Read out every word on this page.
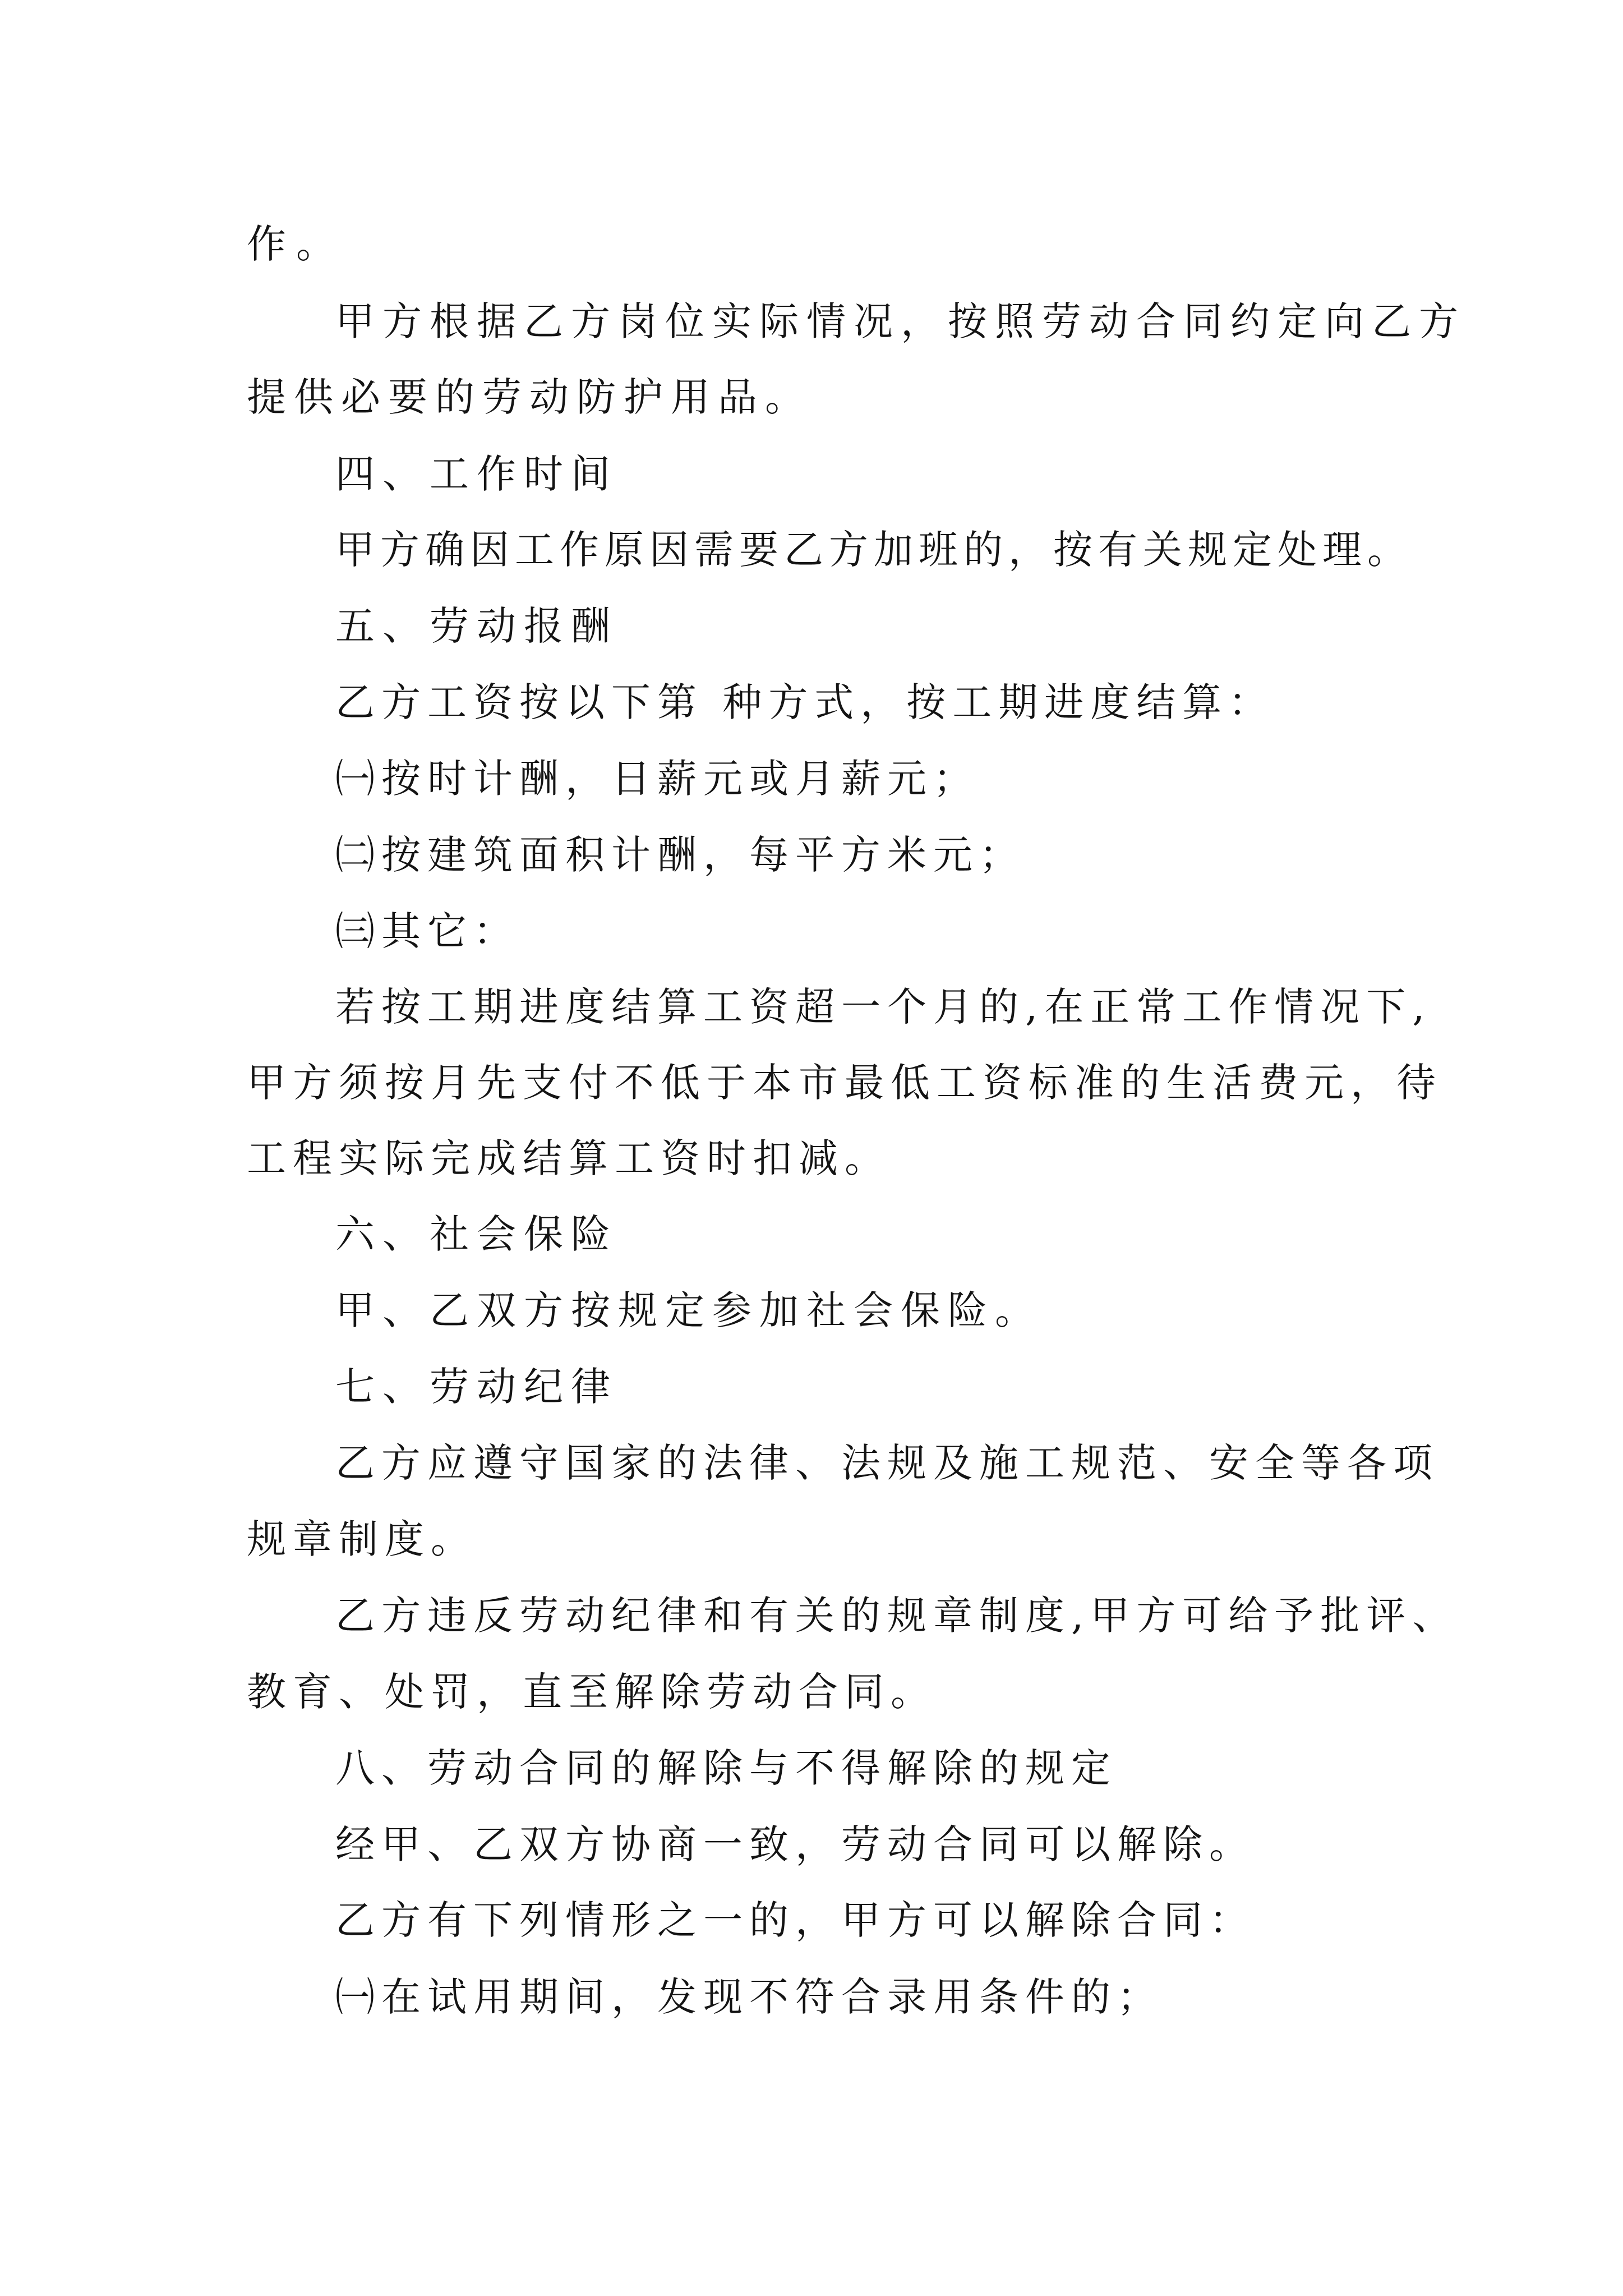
作。
甲方根据乙方岗位实际情况，按照劳动合同约定向乙方
提供必要的劳动防护用品。
四、工作时间
甲方确因工作原因需要乙方加班的，按有关规定处理。
五、劳动报酬
乙方工资按以下第 种方式，按工期进度结算：
㈠按时计酬，日薪元或月薪元；
㈡按建筑面积计酬，每平方米元；
㈢其它：
若按工期进度结算工资超一个月的,在正常工作情况下,
甲方须按月先支付不低于本市最低工资标准的生活费元，待
工程实际完成结算工资时扣减。
六、社会保险
甲、乙双方按规定参加社会保险。
七、劳动纪律
乙方应遵守国家的法律、法规及施工规范、安全等各项
规章制度。
乙方违反劳动纪律和有关的规章制度,甲方可给予批评、
教育、处罚，直至解除劳动合同。
八、劳动合同的解除与不得解除的规定
经甲、乙双方协商一致，劳动合同可以解除。
乙方有下列情形之一的，甲方可以解除合同：
㈠在试用期间，发现不符合录用条件的；
